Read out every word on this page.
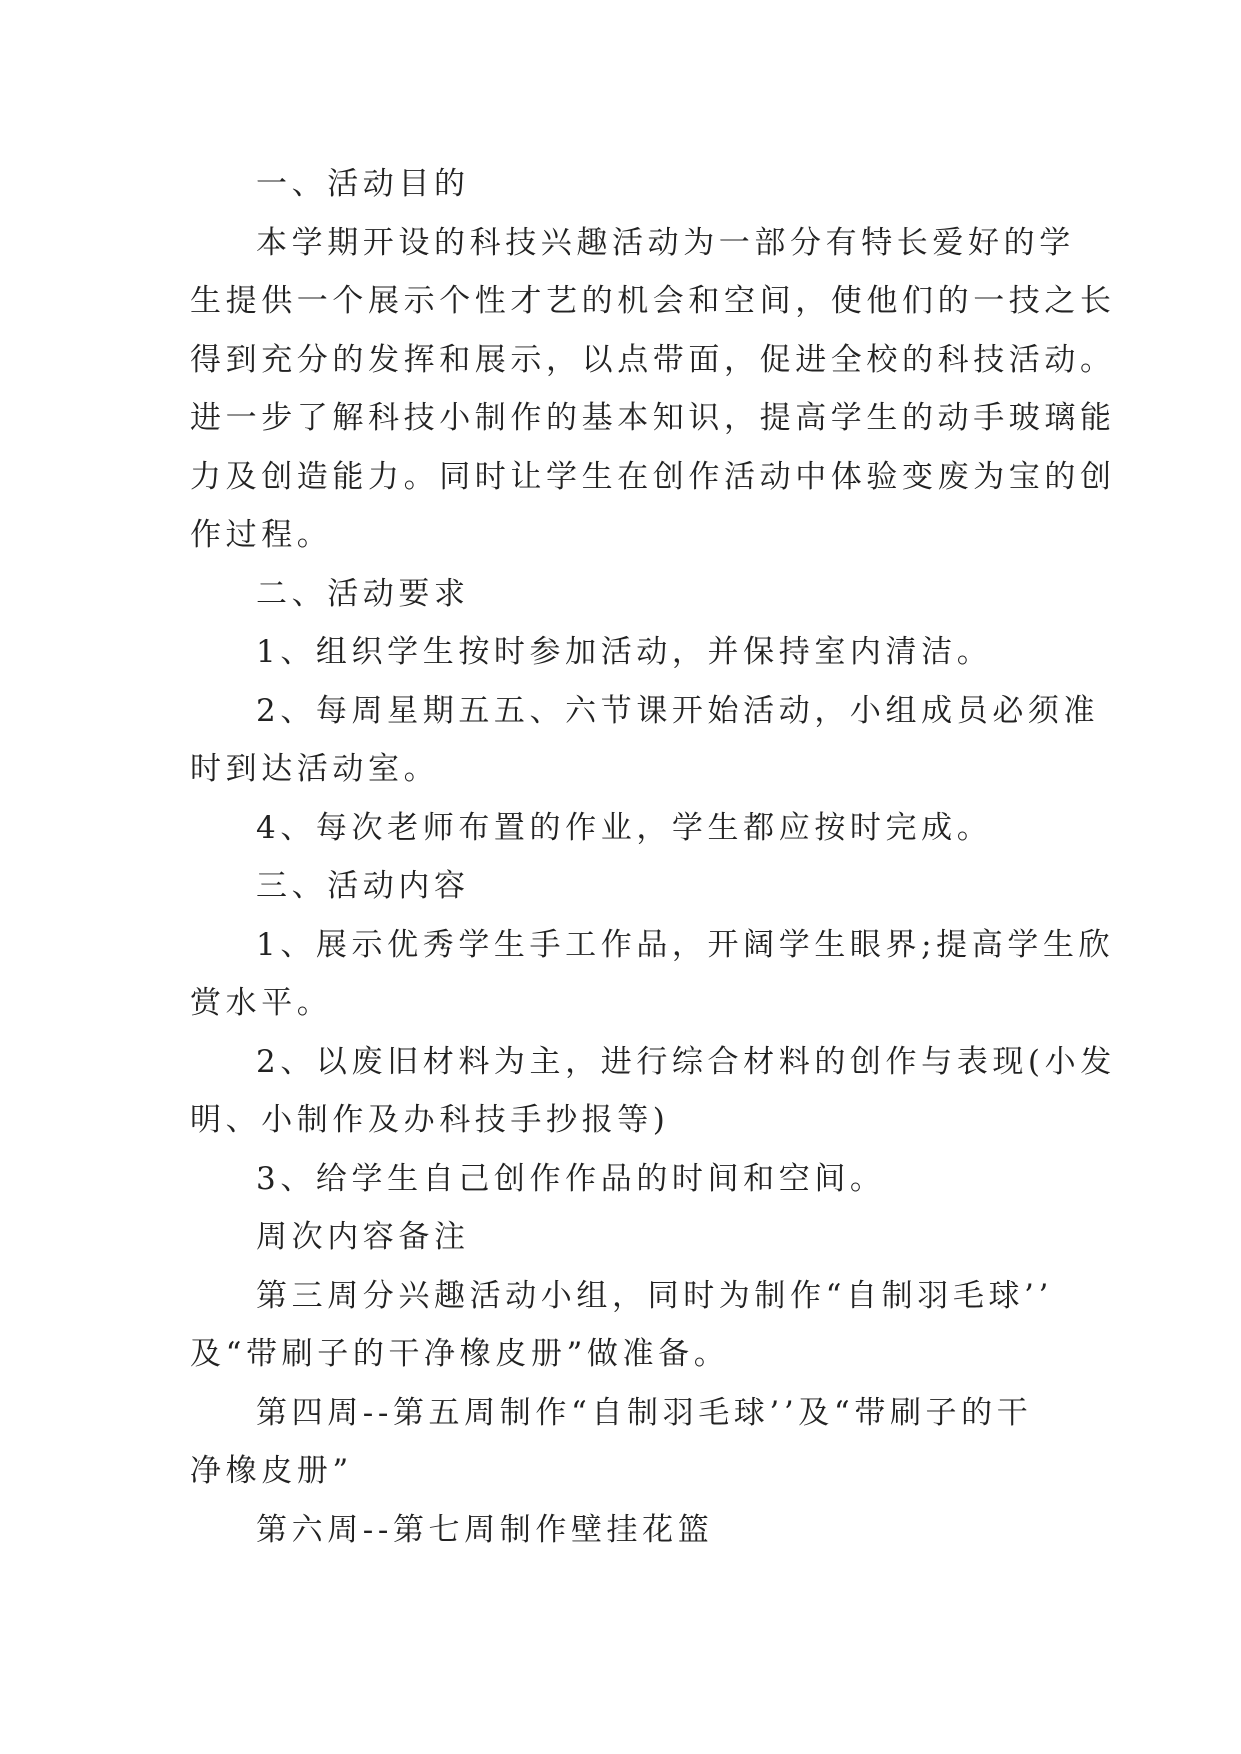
一、活动目的
本学期开设的科技兴趣活动为一部分有特长爱好的学
生提供一个展示个性才艺的机会和空间，使他们的一技之长
得到充分的发挥和展示，以点带面，促进全校的科技活动。
进一步了解科技小制作的基本知识，提高学生的动手玻璃能
力及创造能力。同时让学生在创作活动中体验变废为宝的创
作过程。
二、活动要求
1、组织学生按时参加活动，并保持室内清洁。
2、每周星期五五、六节课开始活动，小组成员必须准
时到达活动室。
4、每次老师布置的作业，学生都应按时完成。
三、活动内容
1、展示优秀学生手工作品，开阔学生眼界;提高学生欣
赏水平。
2、以废旧材料为主，进行综合材料的创作与表现(小发
明、小制作及办科技手抄报等)
3、给学生自己创作作品的时间和空间。
周次内容备注
第三周分兴趣活动小组，同时为制作“自制羽毛球’’
及“带刷子的干净橡皮册”做准备。
第四周--第五周制作“自制羽毛球’’及“带刷子的干
净橡皮册”
第六周--第七周制作壁挂花篮
